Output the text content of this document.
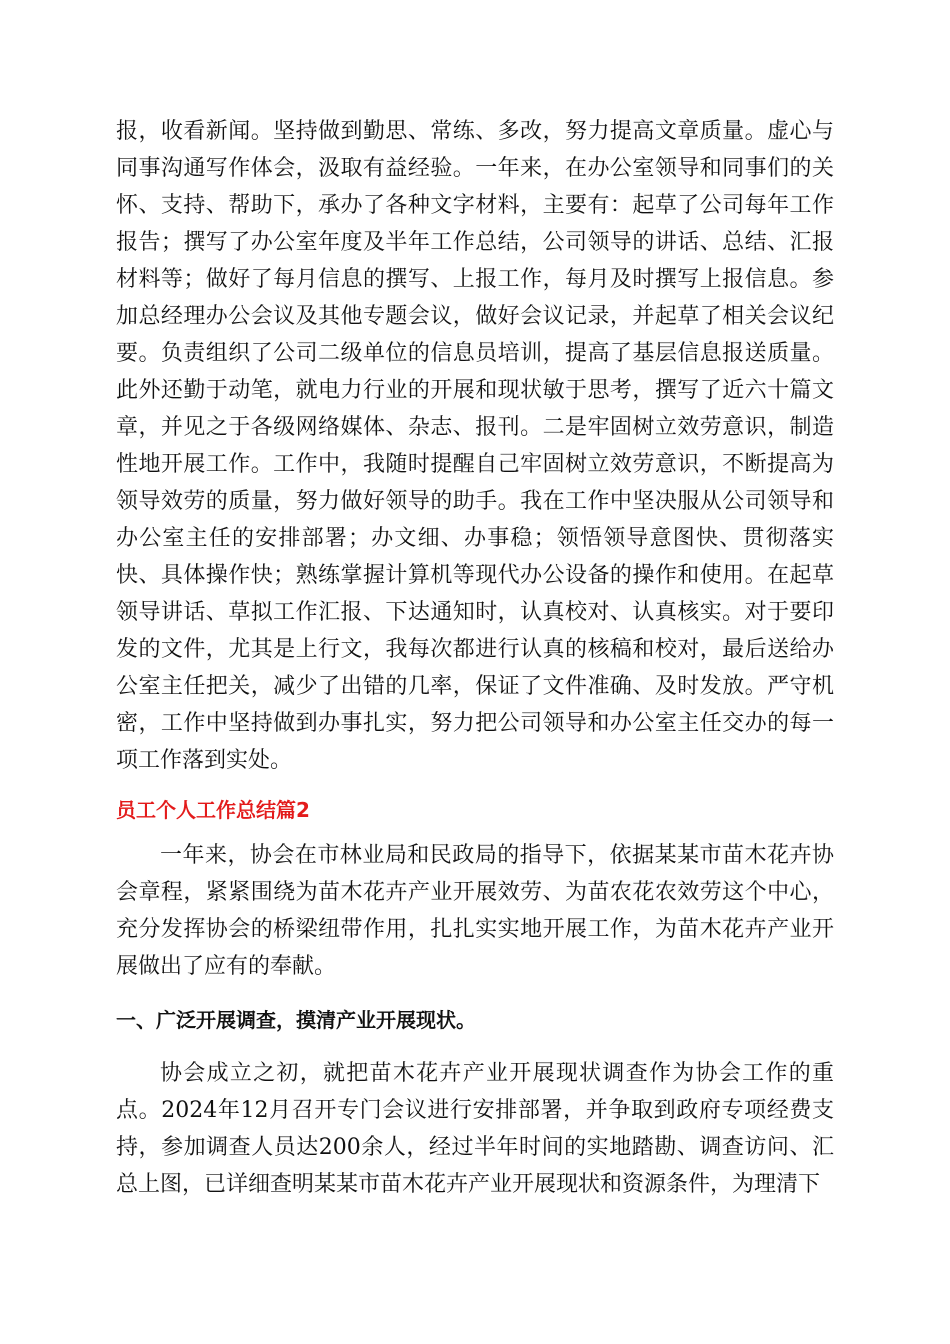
报，收看新闻。坚持做到勤思、常练、多改，努力提高文章质量。虚心与同事沟通写作体会，汲取有益经验。一年来，在办公室领导和同事们的关怀、支持、帮助下，承办了各种文字材料，主要有：起草了公司每年工作报告；撰写了办公室年度及半年工作总结，公司领导的讲话、总结、汇报材料等；做好了每月信息的撰写、上报工作，每月及时撰写上报信息。参加总经理办公会议及其他专题会议，做好会议记录，并起草了相关会议纪要。负责组织了公司二级单位的信息员培训，提高了基层信息报送质量。此外还勤于动笔，就电力行业的开展和现状敏于思考，撰写了近六十篇文章，并见之于各级网络媒体、杂志、报刊。二是牢固树立效劳意识，制造性地开展工作。工作中，我随时提醒自己牢固树立效劳意识，不断提高为领导效劳的质量，努力做好领导的助手。我在工作中坚决服从公司领导和办公室主任的安排部署；办文细、办事稳；领悟领导意图快、贯彻落实快、具体操作快；熟练掌握计算机等现代办公设备的操作和使用。在起草领导讲话、草拟工作汇报、下达通知时，认真校对、认真核实。对于要印发的文件，尤其是上行文，我每次都进行认真的核稿和校对，最后送给办公室主任把关，减少了出错的几率，保证了文件准确、及时发放。严守机密，工作中坚持做到办事扎实，努力把公司领导和办公室主任交办的每一项工作落到实处。

员工个人工作总结篇2

一年来，协会在市林业局和民政局的指导下，依据某某市苗木花卉协会章程，紧紧围绕为苗木花卉产业开展效劳、为苗农花农效劳这个中心，充分发挥协会的桥梁纽带作用，扎扎实实地开展工作，为苗木花卉产业开展做出了应有的奉献。

一、广泛开展调查，摸清产业开展现状。

协会成立之初，就把苗木花卉产业开展现状调查作为协会工作的重点。2024年12月召开专门会议进行安排部署，并争取到政府专项经费支持，参加调查人员达200余人，经过半年时间的实地踏勘、调查访问、汇总上图，已详细查明某某市苗木花卉产业开展现状和资源条件，为理清下
